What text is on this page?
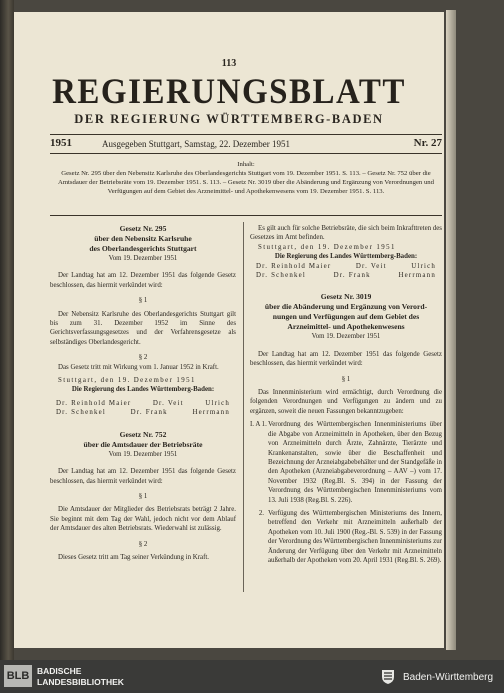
113
REGIERUNGSBLATT
DER REGIERUNG WÜRTTEMBERG-BADEN
1951	Ausgegeben Stuttgart, Samstag, 22. Dezember 1951	Nr. 27
Inhalt:
Gesetz Nr. 295 über den Nebensitz Karlsruhe des Oberlandesgerichts Stuttgart vom 19. Dezember 1951. S. 113. – Gesetz Nr. 752 über die Amtsdauer der Betriebsräte vom 19. Dezember 1951. S. 113. – Gesetz Nr. 3019 über die Abänderung und Ergänzung von Verordnungen und Verfügungen auf dem Gebiet des Arzneimittel- und Apothekenwesens vom 19. Dezember 1951. S. 113.
Gesetz Nr. 295
über den Nebensitz Karlsruhe
des Oberlandesgerichts Stuttgart
Vom 19. Dezember 1951

Der Landtag hat am 12. Dezember 1951 das folgende Gesetz beschlossen, das hiermit verkündet wird:

§ 1

Der Nebensitz Karlsruhe des Oberlandesgerichts Stuttgart gilt bis zum 31. Dezember 1952 im Sinne des Gerichtsverfassungsgesetzes und der Verfahrensgesetze als selbständiges Oberlandesgericht.

§ 2

Das Gesetz tritt mit Wirkung vom 1. Januar 1952 in Kraft.

Stuttgart, den 19. Dezember 1951
Die Regierung des Landes Württemberg-Baden:
Dr. Reinhold Maier	Dr. Veit	Ulrich
Dr. Schenkel	Dr. Frank	Herrmann
Gesetz Nr. 752
über die Amtsdauer der Betriebsräte
Vom 19. Dezember 1951

Der Landtag hat am 12. Dezember 1951 das folgende Gesetz beschlossen, das hiermit verkündet wird:

§ 1

Die Amtsdauer der Mitglieder des Betriebsrats beträgt 2 Jahre. Sie beginnt mit dem Tag der Wahl, jedoch nicht vor dem Ablauf der Amtsdauer des alten Betriebsrats. Wiederwahl ist zulässig.

§ 2

Dieses Gesetz tritt am Tag seiner Verkündung in Kraft.

Es gilt auch für solche Betriebsräte, die sich beim Inkrafttreten des Gesetzes im Amt befinden.

Stuttgart, den 19. Dezember 1951
Die Regierung des Landes Württemberg-Baden:
Dr. Reinhold Maier	Dr. Veit	Ulrich
Dr. Schenkel	Dr. Frank	Herrmann
Gesetz Nr. 3019
über die Abänderung und Ergänzung von Verord-
nungen und Verfügungen auf dem Gebiet des
Arzneimittel- und Apothekenwesens
Vom 19. Dezember 1951

Der Landtag hat am 12. Dezember 1951 das folgende Gesetz beschlossen, das hiermit verkündet wird:

§ 1

Das Innenministerium wird ermächtigt, durch Verordnung die folgenden Verordnungen und Verfügungen zu ändern und zu ergänzen, soweit die neuen Fassungen bekanntzugeben:

I. A 1. Verordnung des Württembergischen Innenministeriums über die Abgabe von Arzneimitteln in Apotheken, über den Bezug von Arzneimitteln durch Ärzte, Zahnärzte, Tierärzte und Krankenanstalten, sowie über die Beschaffenheit und Bezeichnung der Arzneiabgabebehälter und der Standgefäße in den Apotheken (Arzneiabgabeverordnung – AAV –) vom 17. November 1932 (Reg.Bl. S. 394) in der Fassung der Verordnung des Württembergischen Innenministeriums vom 13. Juli 1938 (Reg.Bl. S. 226).
2. Verfügung des Württembergischen Ministeriums des Innern, betreffend den Verkehr mit Arzneimitteln außerhalb der Apotheken vom 10. Juli 1900 (Reg.-Bl. S. 539) in der Fassung der Verordnung des Württembergischen Innenministeriums zur Änderung der Verfügung über den Verkehr mit Arzneimitteln außerhalb der Apotheken vom 20. April 1931 (Reg.Bl. S. 269).
BLB BADISCHE
LANDESBIBLIOTHEK	Baden-Württemberg
